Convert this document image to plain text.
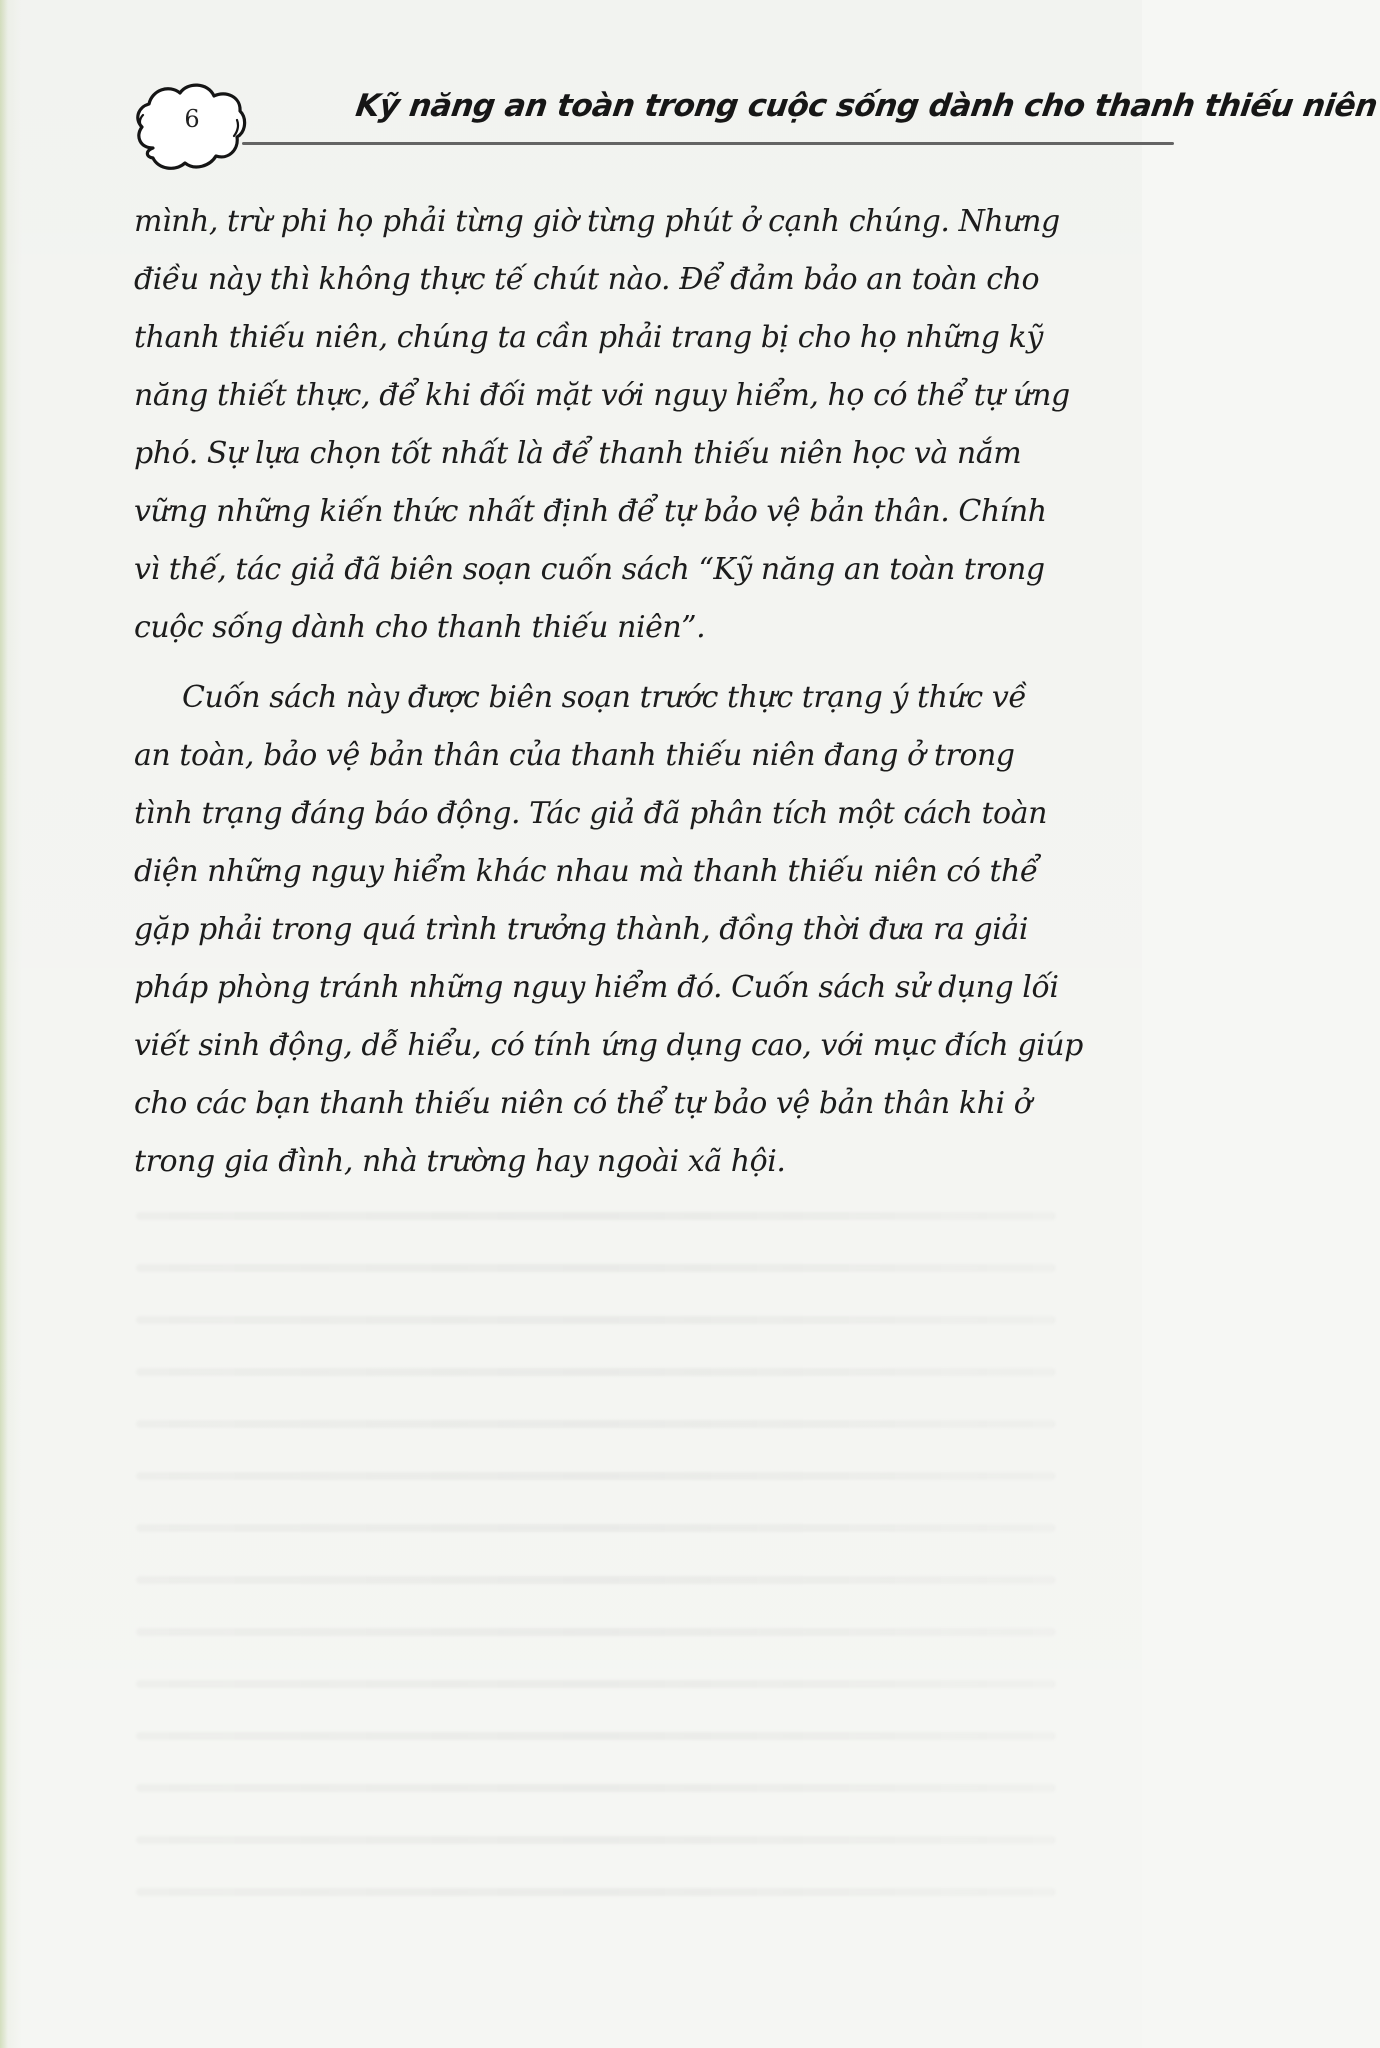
6	Kỹ năng an toàn trong cuộc sống dành cho thanh thiếu niên
mình, trừ phi họ phải từng giờ từng phút ở cạnh chúng. Nhưng
điều này thì không thực tế chút nào. Để đảm bảo an toàn cho
thanh thiếu niên, chúng ta cần phải trang bị cho họ những kỹ
năng thiết thực, để khi đối mặt với nguy hiểm, họ có thể tự ứng
phó. Sự lựa chọn tốt nhất là để thanh thiếu niên học và nắm
vững những kiến thức nhất định để tự bảo vệ bản thân. Chính
vì thế, tác giả đã biên soạn cuốn sách “Kỹ năng an toàn trong
cuộc sống dành cho thanh thiếu niên”.
Cuốn sách này được biên soạn trước thực trạng ý thức về
an toàn, bảo vệ bản thân của thanh thiếu niên đang ở trong
tình trạng đáng báo động. Tác giả đã phân tích một cách toàn
diện những nguy hiểm khác nhau mà thanh thiếu niên có thể
gặp phải trong quá trình trưởng thành, đồng thời đưa ra giải
pháp phòng tránh những nguy hiểm đó. Cuốn sách sử dụng lối
viết sinh động, dễ hiểu, có tính ứng dụng cao, với mục đích giúp
cho các bạn thanh thiếu niên có thể tự bảo vệ bản thân khi ở
trong gia đình, nhà trường hay ngoài xã hội.
